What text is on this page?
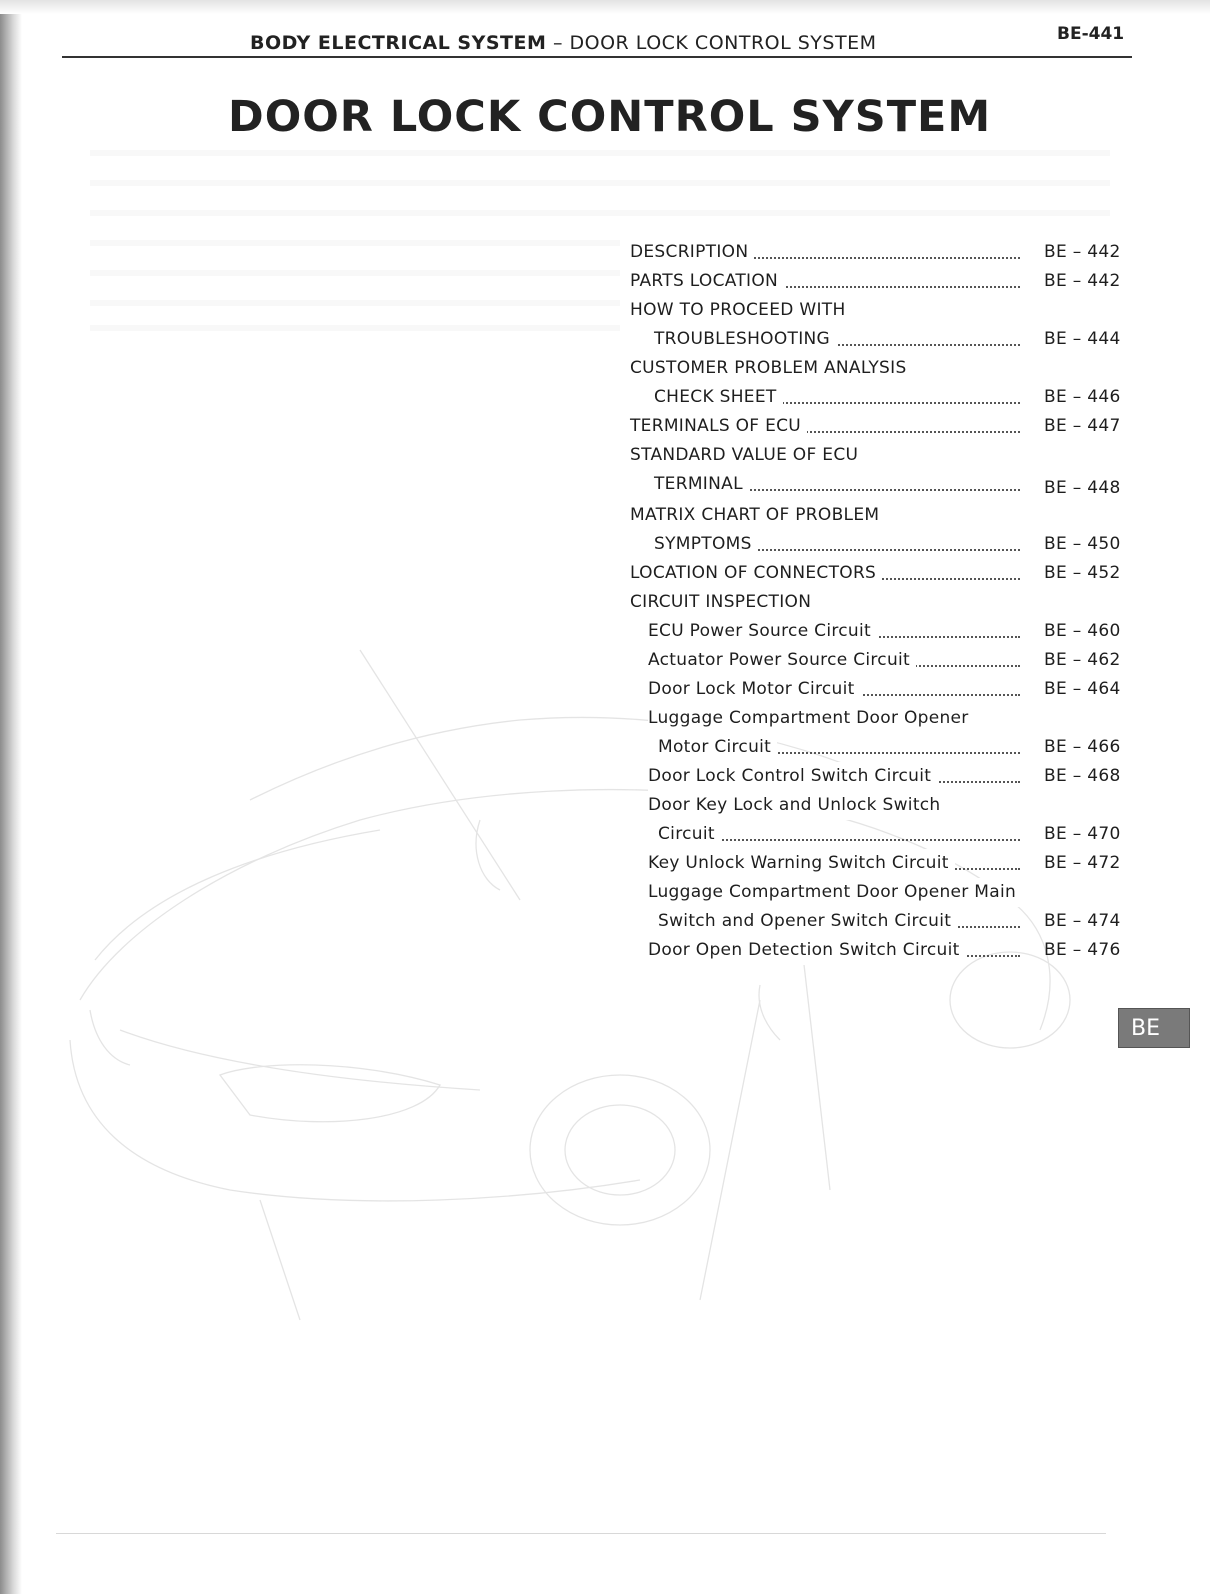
BODY ELECTRICAL SYSTEM – DOOR LOCK CONTROL SYSTEM	BE-441
DOOR LOCK CONTROL SYSTEM
DESCRIPTION	BE – 442
PARTS LOCATION	BE – 442
HOW TO PROCEED WITH
TROUBLESHOOTING	BE – 444
CUSTOMER PROBLEM ANALYSIS
CHECK SHEET	BE – 446
TERMINALS OF ECU	BE – 447
STANDARD VALUE OF ECU
TERMINAL	BE – 448
MATRIX CHART OF PROBLEM
SYMPTOMS	BE – 450
LOCATION OF CONNECTORS	BE – 452
CIRCUIT INSPECTION
ECU Power Source Circuit	BE – 460
Actuator Power Source Circuit	BE – 462
Door Lock Motor Circuit	BE – 464
Luggage Compartment Door Opener
Motor Circuit	BE – 466
Door Lock Control Switch Circuit	BE – 468
Door Key Lock and Unlock Switch
Circuit	BE – 470
Key Unlock Warning Switch Circuit	BE – 472
Luggage Compartment Door Opener Main
Switch and Opener Switch Circuit	BE – 474
Door Open Detection Switch Circuit	BE – 476
BE
